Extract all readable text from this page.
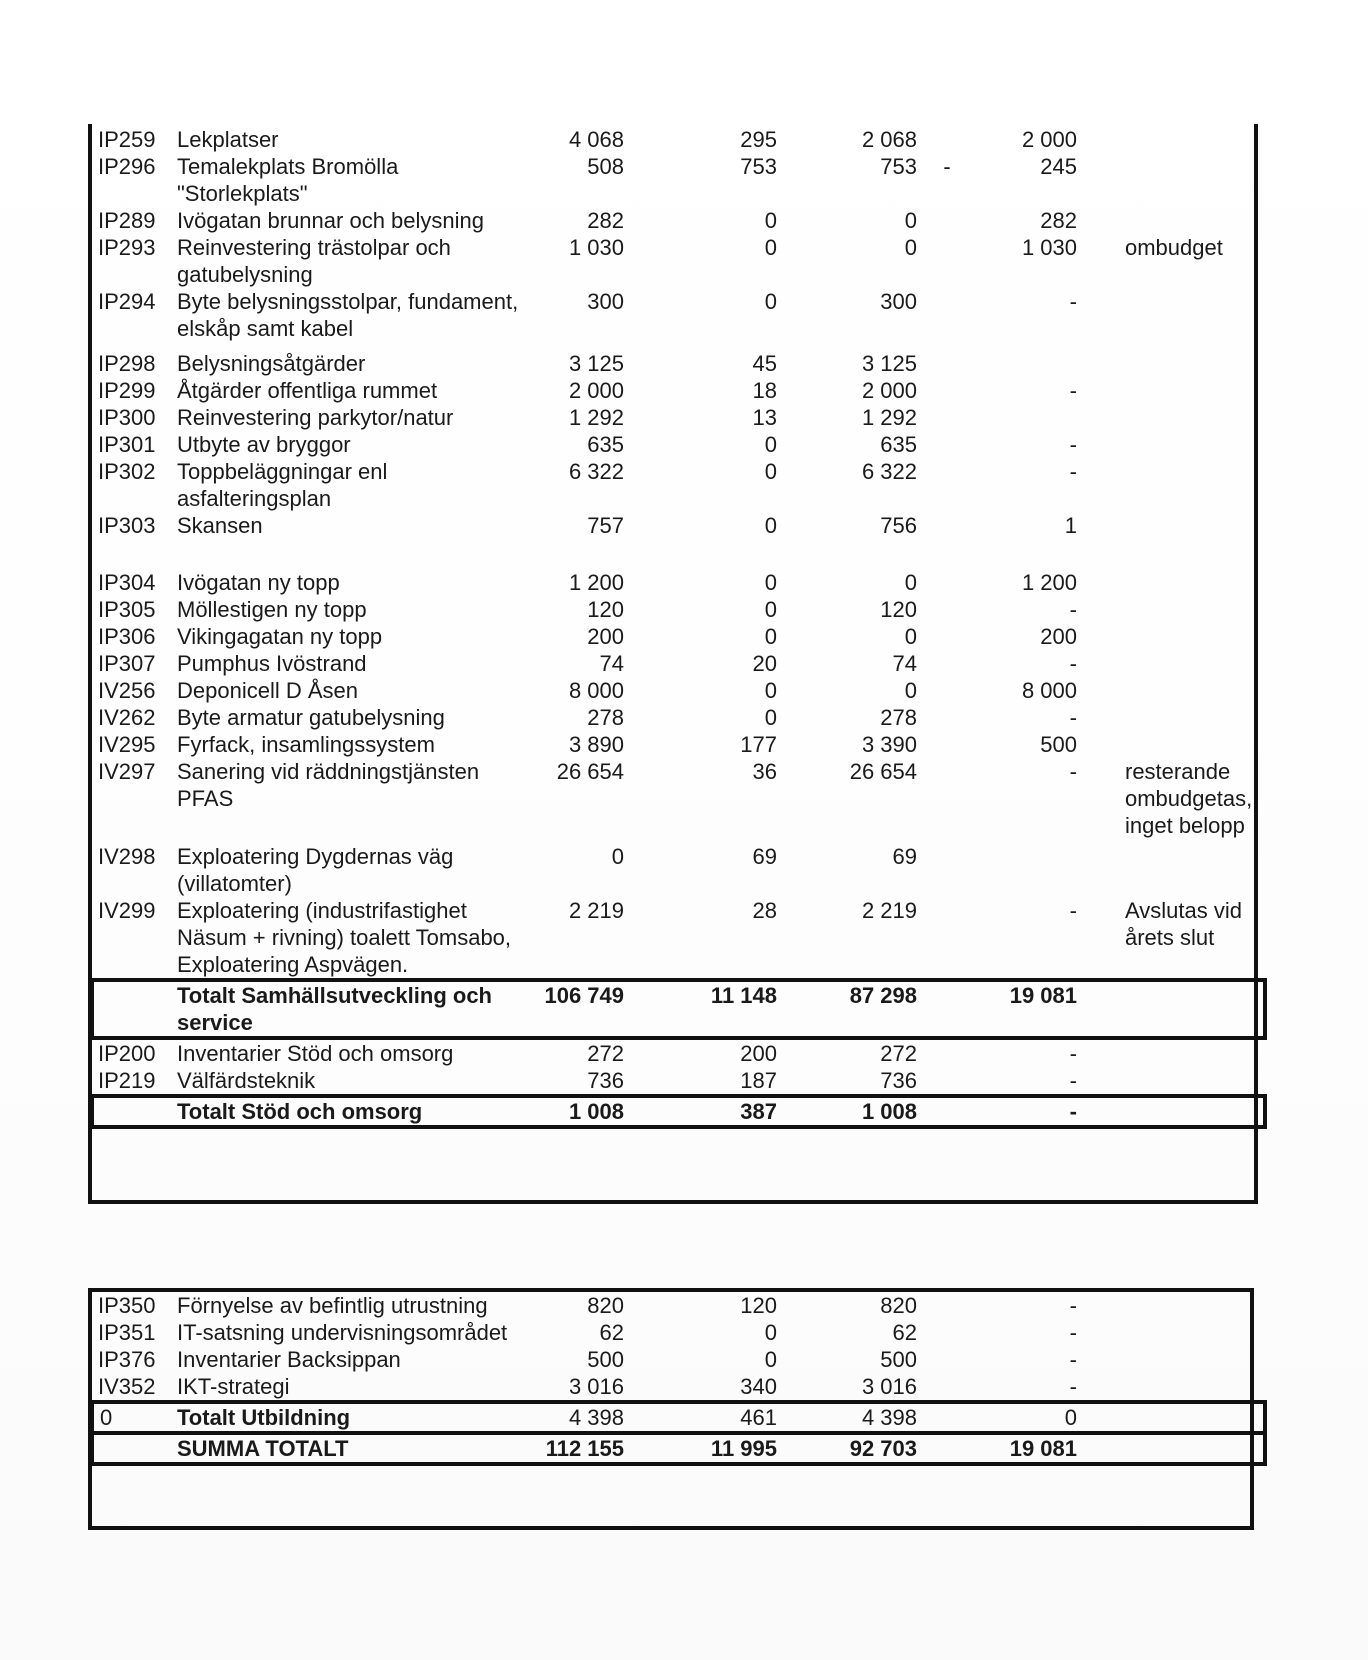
IP259	Lekplatser	4 068	295	2 068		2 000	
IP296	Temalekplats Bromölla "Storlekplats"	508	753	753	-	245	
IP289	Ivögatan brunnar och belysning	282	0	0		282	
IP293	Reinvestering trästolpar och gatubelysning	1 030	0	0		1 030	ombudget
IP294	Byte belysningsstolpar, fundament, elskåp samt kabel	300	0	300		-	
IP298	Belysningsåtgärder	3 125	45	3 125			
IP299	Åtgärder offentliga rummet	2 000	18	2 000		-	
IP300	Reinvestering parkytor/natur	1 292	13	1 292			
IP301	Utbyte av bryggor	635	0	635		-	
IP302	Toppbeläggningar enl asfalteringsplan	6 322	0	6 322		-	
IP303	Skansen	757	0	756		1	
IP304	Ivögatan ny topp	1 200	0	0		1 200	
IP305	Möllestigen ny topp	120	0	120		-	
IP306	Vikingagatan ny topp	200	0	0		200	
IP307	Pumphus Ivöstrand	74	20	74		-	
IV256	Deponicell D Åsen	8 000	0	0		8 000	
IV262	Byte armatur gatubelysning	278	0	278		-	
IV295	Fyrfack, insamlingssystem	3 890	177	3 390		500	
IV297	Sanering vid räddningstjänsten PFAS	26 654	36	26 654		-	resterande ombudgetas, inget belopp
IV298	Exploatering Dygdernas väg (villatomter)	0	69	69			
IV299	Exploatering (industrifastighet Näsum + rivning) toalett Tomsabo, Exploatering Aspvägen.	2 219	28	2 219		-	Avslutas vid årets slut
	Totalt Samhällsutveckling och service	106 749	11 148	87 298		19 081	
IP200	Inventarier Stöd och omsorg	272	200	272		-	
IP219	Välfärdsteknik	736	187	736		-	
	Totalt Stöd och omsorg	1 008	387	1 008		-	
IP350	Förnyelse av befintlig utrustning	820	120	820		-	
IP351	IT-satsning undervisningsområdet	62	0	62		-	
IP376	Inventarier Backsippan	500	0	500		-	
IV352	IKT-strategi	3 016	340	3 016		-	
0	Totalt Utbildning	4 398	461	4 398		0	
	SUMMA TOTALT	112 155	11 995	92 703		19 081	
